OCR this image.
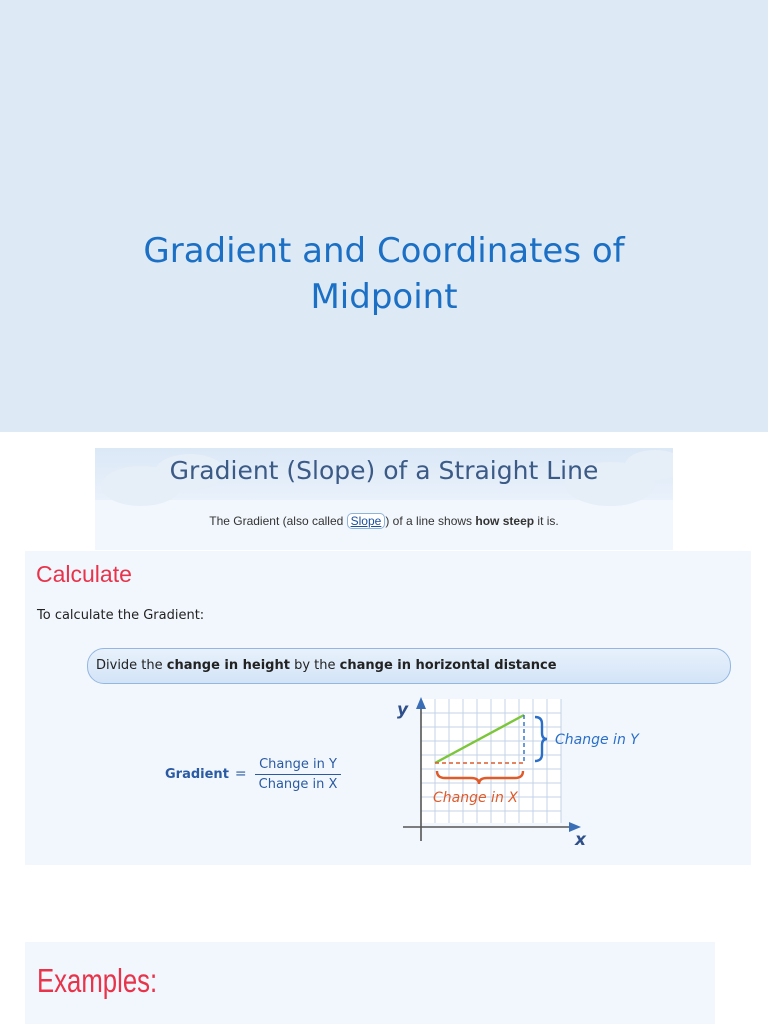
Gradient and Coordinates of Midpoint
Gradient (Slope) of a Straight Line
The Gradient (also called Slope ) of a line shows how steep it is.
Calculate
To calculate the Gradient:
Divide the change in height by the change in horizontal distance
Gradient = $\frac{\text{Change in Y}}{\text{Change in X}}$
y
x
Change in Y
Change in X
Examples:
